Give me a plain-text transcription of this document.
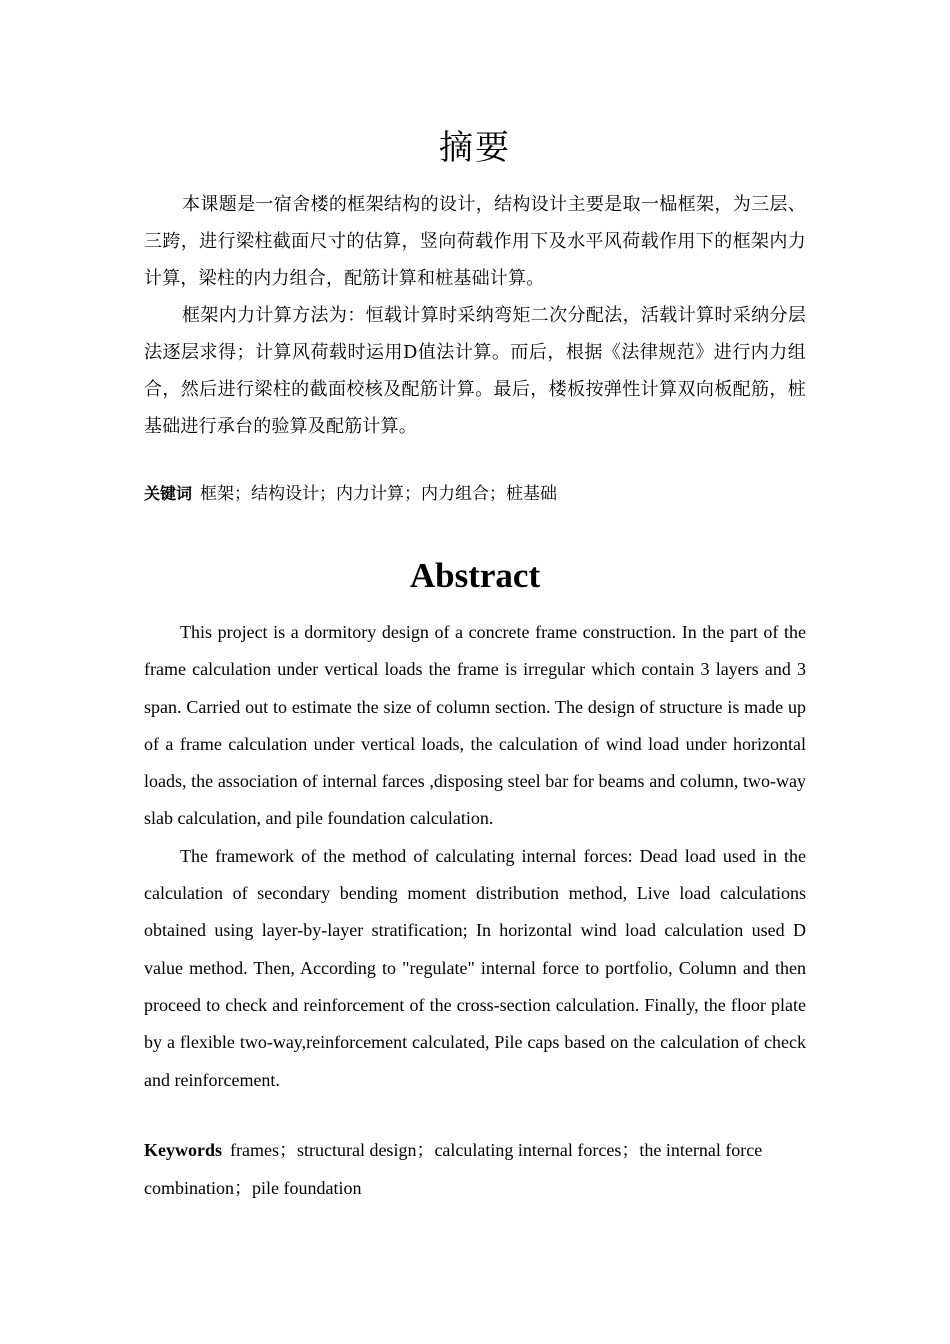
摘要

本课题是一宿舍楼的框架结构的设计，结构设计主要是取一榀框架，为三层、三跨，进行梁柱截面尺寸的估算，竖向荷载作用下及水平风荷载作用下的框架内力计算，梁柱的内力组合，配筋计算和桩基础计算。

框架内力计算方法为：恒载计算时采纳弯矩二次分配法，活载计算时采纳分层法逐层求得；计算风荷载时运用D值法计算。而后，根据《法律规范》进行内力组合，然后进行梁柱的截面校核及配筋计算。最后，楼板按弹性计算双向板配筋，桩基础进行承台的验算及配筋计算。

关键词 框架；结构设计；内力计算；内力组合；桩基础
Abstract

This project is a dormitory design of a concrete frame construction. In the part of the frame calculation under vertical loads the frame is irregular which contain 3 layers and 3 span. Carried out to estimate the size of column section. The design of structure is made up of a frame calculation under vertical loads, the calculation of wind load under horizontal loads, the association of internal farces ,disposing steel bar for beams and column, two-way slab calculation, and pile foundation calculation.

The framework of the method of calculating internal forces: Dead load used in the calculation of secondary bending moment distribution method, Live load calculations obtained using layer-by-layer stratification; In horizontal wind load calculation used D value method. Then, According to "regulate" internal force to portfolio, Column and then proceed to check and reinforcement of the cross-section calculation. Finally, the floor plate by a flexible two-way,reinforcement calculated, Pile caps based on the calculation of check and reinforcement.

Keywords frames；structural design；calculating internal forces；the internal force combination；pile foundation
